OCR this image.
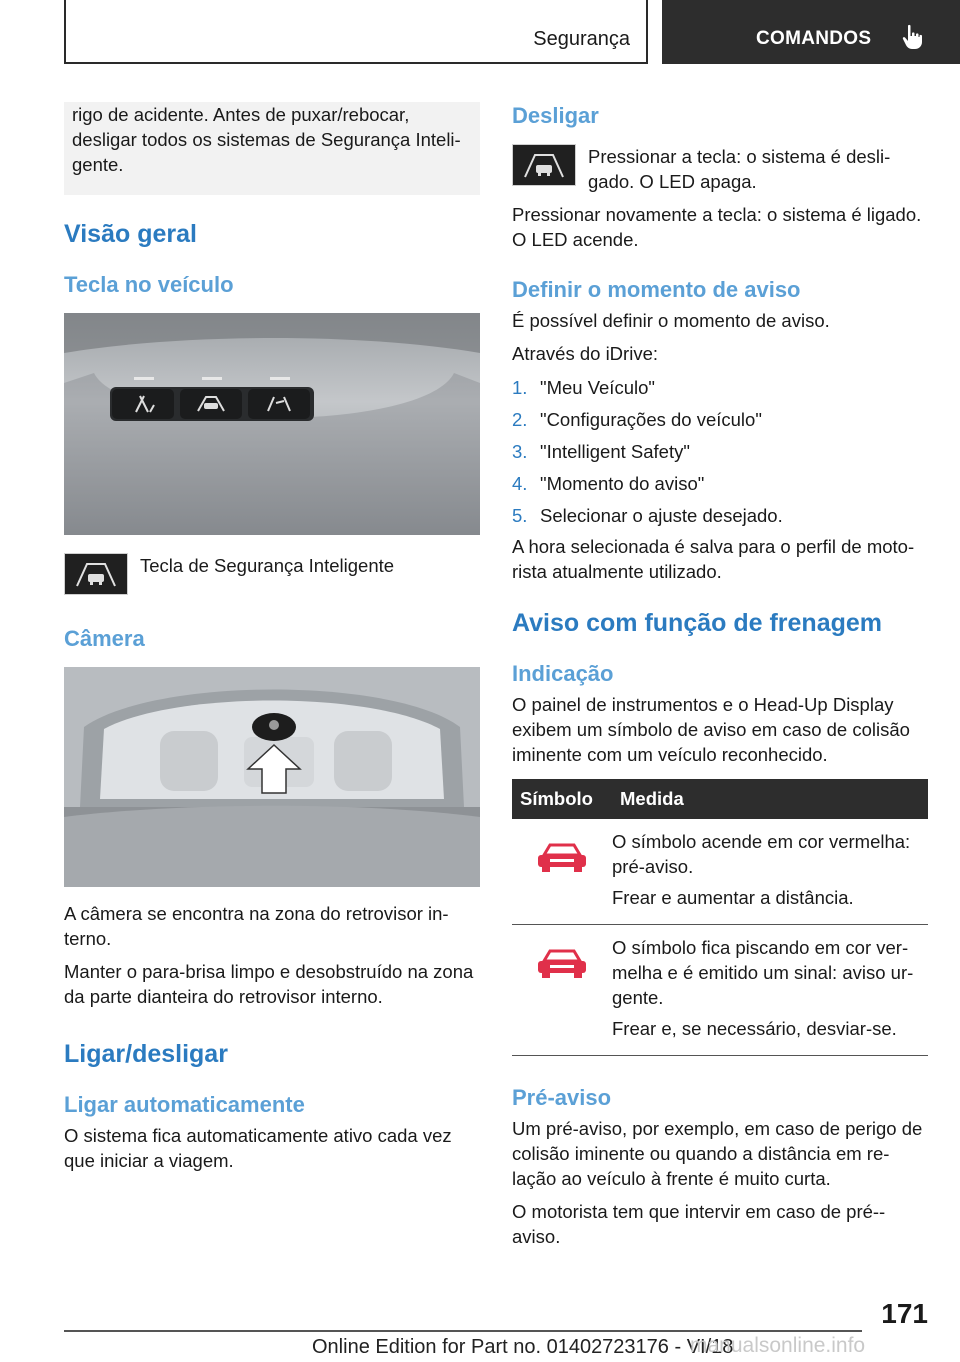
Segurança	COMANDOS

rigo de acidente. Antes de puxar/rebocar, desligar todos os sistemas de Segurança Inteli-gente.

Visão geral
Tecla no veículo

Tecla de Segurança Inteligente

Câmera

A câmera se encontra na zona do retrovisor in-terno.

Manter o para-brisa limpo e desobstruído na zona da parte dianteira do retrovisor interno.

Ligar/desligar
Ligar automaticamente

O sistema fica automaticamente ativo cada vez que iniciar a viagem.

Desligar

Pressionar a tecla: o sistema é desli-gado. O LED apaga.

Pressionar novamente a tecla: o sistema é ligado. O LED acende.

Definir o momento de aviso

É possível definir o momento de aviso.

Através do iDrive:

1. "Meu Veículo"
2. "Configurações do veículo"
3. "Intelligent Safety"
4. "Momento do aviso"
5. Selecionar o ajuste desejado.

A hora selecionada é salva para o perfil de moto-rista atualmente utilizado.

Aviso com função de frenagem
Indicação

O painel de instrumentos e o Head-Up Display exibem um símbolo de aviso em caso de colisão iminente com um veículo reconhecido.

Símbolo	Medida

O símbolo acende em cor vermelha: pré-aviso.

Frear e aumentar a distância.

O símbolo fica piscando em cor ver-melha e é emitido um sinal: aviso ur-gente.

Frear e, se necessário, desviar-se.

Pré-aviso

Um pré-aviso, por exemplo, em caso de perigo de colisão iminente ou quando a distância em re-lação ao veículo à frente é muito curta.

O motorista tem que intervir em caso de pré--aviso.

171
Online Edition for Part no. 01402723176 - VI/18
manualsonline.info
